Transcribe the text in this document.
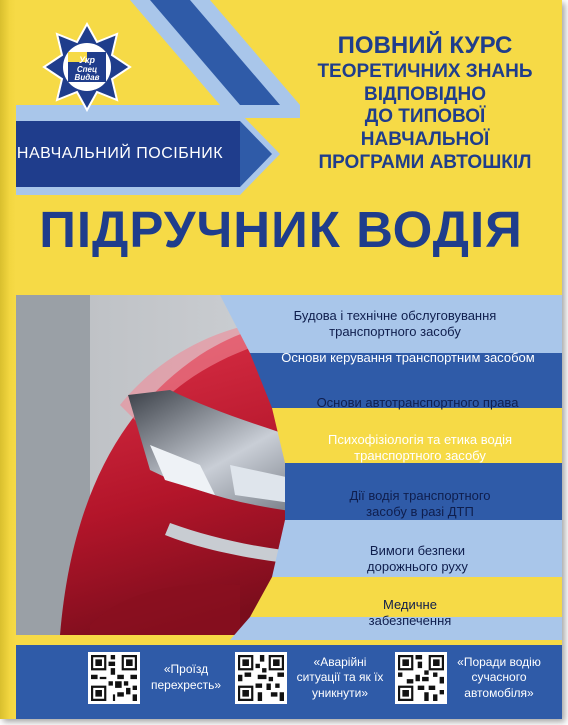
Укр
Спец
Видав
ПОВНИЙ КУРС
ТЕОРЕТИЧНИХ ЗНАНЬ
ВІДПОВІДНО
ДО ТИПОВОЇ
НАВЧАЛЬНОЇ
ПРОГРАМИ АВТОШКІЛ
НАВЧАЛЬНИЙ ПОСІБНИК
ПІДРУЧНИК ВОДІЯ
Будова і технічне обслуговування транспортного засобу
Основи керування транспортним засобом
Основи автотранспортного права
Психофізіологія та етика водія транспортного засобу
Дії водія транспортного засобу в разі ДТП
Вимоги безпеки дорожнього руху
Медичне забезпечення
«Проїзд перехресть»
«Аварійні ситуації та як їх уникнути»
«Поради водію сучасного автомобіля»
